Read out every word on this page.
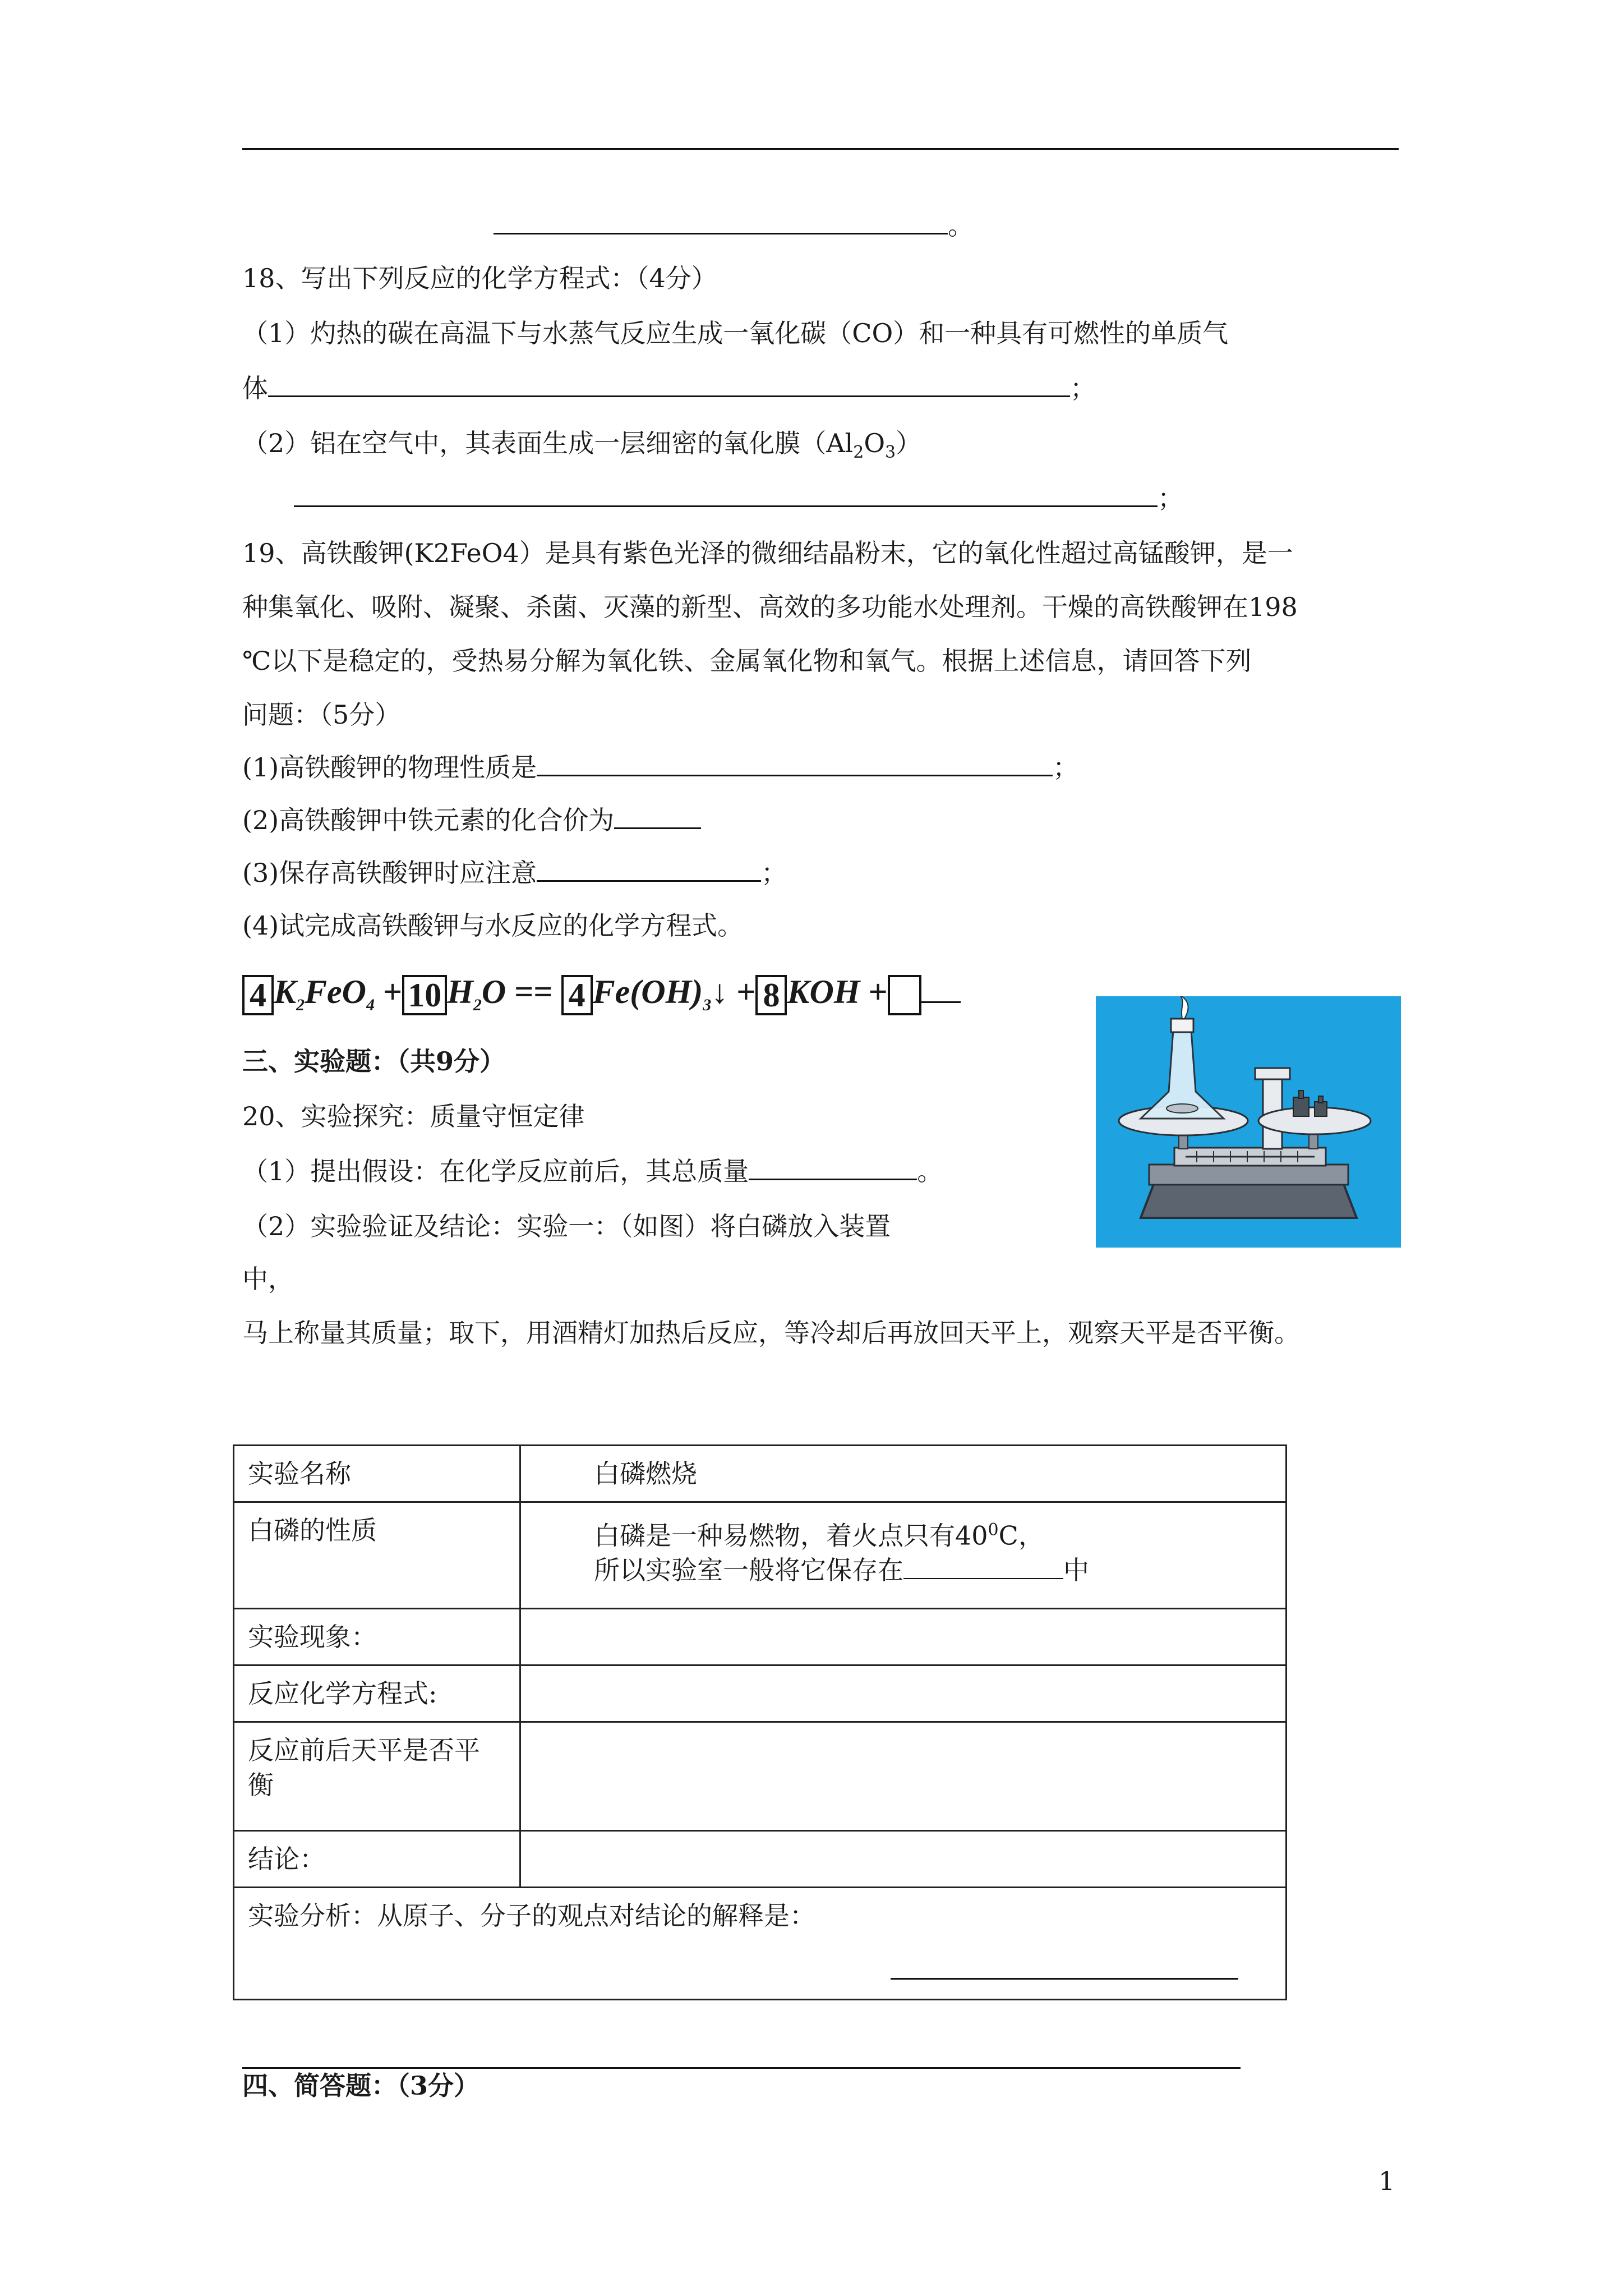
。
18、写出下列反应的化学方程式：（4分）
（1）灼热的碳在高温下与水蒸气反应生成一氧化碳（CO）和一种具有可燃性的单质气
体	；
（2）铝在空气中，其表面生成一层细密的氧化膜$(Al_2O_3)$
；
19、高铁酸钾(K2FeO4）是具有紫色光泽的微细结晶粉末，它的氧化性超过高锰酸钾，是一
种集氧化、吸附、凝聚、杀菌、灭藻的新型、高效的多功能水处理剂。干燥的高铁酸钾在198
℃以下是稳定的，受热易分解为氧化铁、金属氧化物和氧气。根据上述信息，请回答下列
问题：（5分）
(1)高铁酸钾的物理性质是	；
(2)高铁酸钾中铁元素的化合价为
(3)保存高铁酸钾时应注意	；
(4)试完成高铁酸钾与水反应的化学方程式。
4 $K_2FeO_4 + 10$ $H_2O == 4$ $Fe(OH)_3↓ + 8$ KOH +
三、实验题：（共9分）
20、实验探究：质量守恒定律
（1）提出假设：在化学反应前后，其总质量	。
（2）实验验证及结论：实验一：（如图）将白磷放入装置
中，
马上称量其质量；取下，用酒精灯加热后反应，等冷却后再放回天平上，观察天平是否平衡。
实验名称	白磷燃烧
白磷的性质	白磷是一种易燃物，着火点只有$40^0C$，
所以实验室一般将它保存在 中

实验现象：	
反应化学方程式:	

反应前后天平是否平
衡	

结论：	

实验分析：从原子、分子的观点对结论的解释是：	
四、简答题：（3分）
1
